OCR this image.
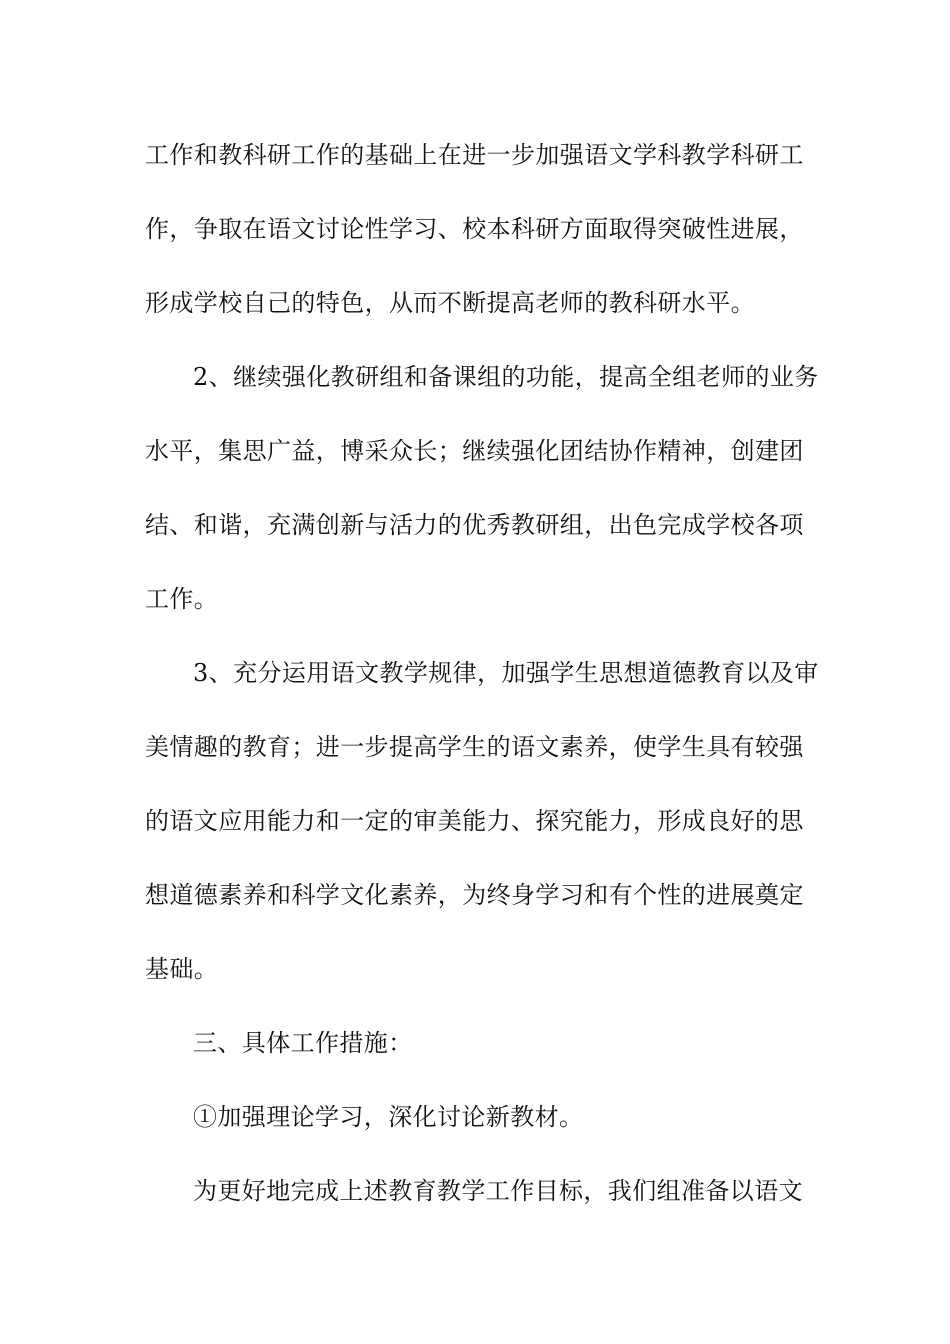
工作和教科研工作的基础上在进一步加强语文学科教学科研工
作，争取在语文讨论性学习、校本科研方面取得突破性进展，
形成学校自己的特色，从而不断提高老师的教科研水平。
2、继续强化教研组和备课组的功能，提高全组老师的业务
水平，集思广益，博采众长；继续强化团结协作精神，创建团
结、和谐，充满创新与活力的优秀教研组，出色完成学校各项
工作。
3、充分运用语文教学规律，加强学生思想道德教育以及审
美情趣的教育；进一步提高学生的语文素养，使学生具有较强
的语文应用能力和一定的审美能力、探究能力，形成良好的思
想道德素养和科学文化素养，为终身学习和有个性的进展奠定
基础。
三、具体工作措施：
①加强理论学习，深化讨论新教材。
为更好地完成上述教育教学工作目标，我们组准备以语文
